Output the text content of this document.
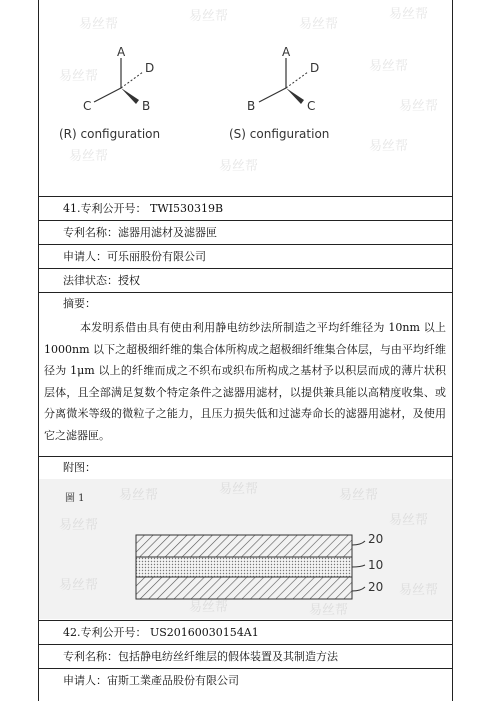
易丝帮
易丝帮
易丝帮
易丝帮
易丝帮
易丝帮
易丝帮
易丝帮
易丝帮
易丝帮
A
D
C	B
(R) configuration
A
D
B	C
(S) configuration
41.专利公开号： TWI530319B
专利名称：滤器用滤材及滤器匣
申请人：可乐丽股份有限公司
法律状态：授权
摘要：
本发明系借由具有使由利用静电纺纱法所制造之平均纤维径为 10nm 以上 1000nm 以下之超极细纤维的集合体所构成之超极细纤维集合体层，与由平均纤维径为 1μm 以上的纤维而成之不织布或织布所构成之基材予以积层而成的薄片状积层体，且全部满足复数个特定条件之滤器用滤材，以提供兼具能以高精度收集、或分离微米等级的微粒子之能力，且压力损失低和过滤寿命长的滤器用滤材，及使用它之滤器匣。
附图：
易丝帮	易丝帮	易丝帮
易丝帮	易丝帮
易丝帮	易丝帮
易丝帮	易丝帮
圖 1
20
10
20
42.专利公开号： US20160030154A1
专利名称：包括静电纺丝纤维层的假体装置及其制造方法
申请人：宙斯工業產品股份有限公司
